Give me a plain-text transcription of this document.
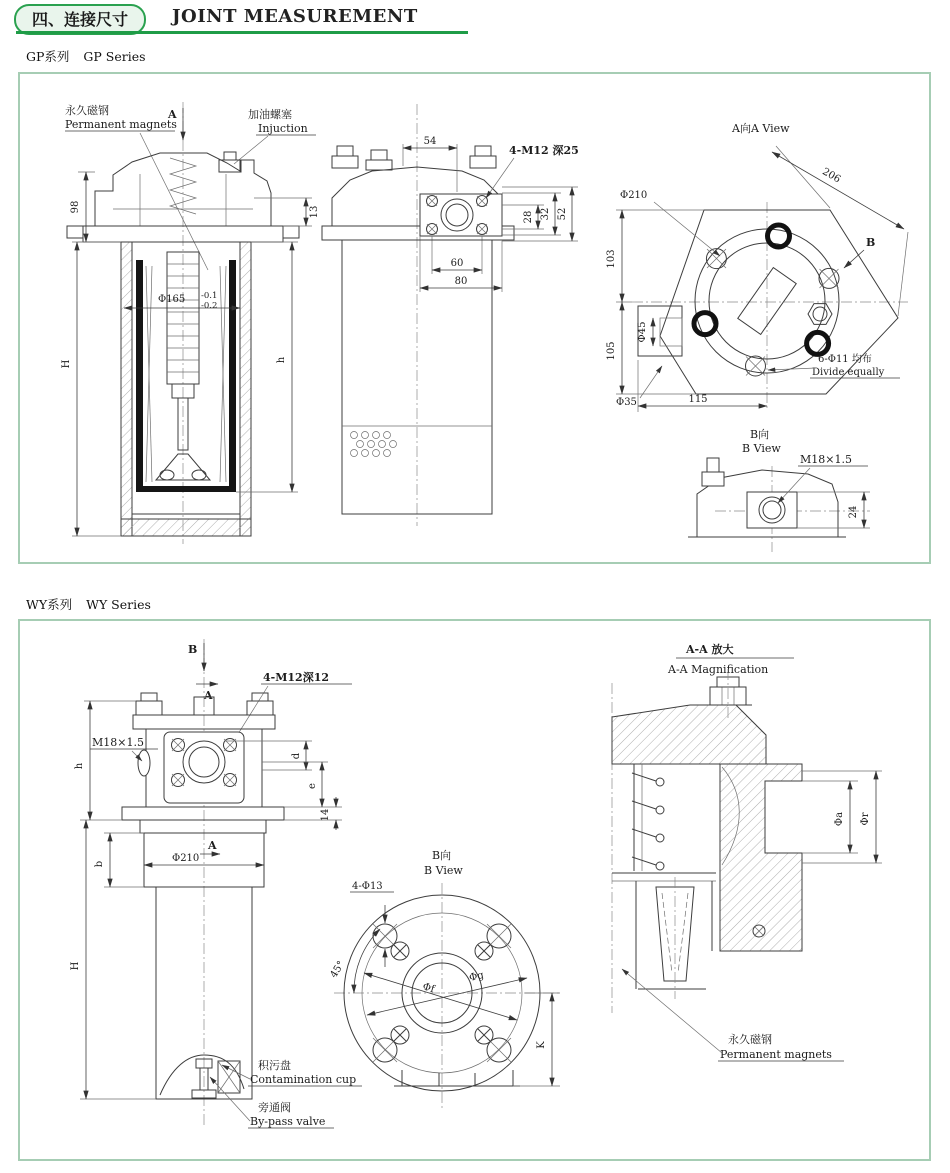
四、连接尺寸	JOINT MEASUREMENT
GP系列 GP Series
A
永久磁钢
Permanent magnets
加油螺塞
Injuction
98	13
Φ165 -0.1
-0.2
H	h
54
4-M12 深25
28 32 52
60
80
A向A View
Φ210
206
103
105
Φ45
Φ35	115
6-Φ11 均布
Divide equally
B
B向
B View
M18×1.5
24
WY系列 WY Series
B
A
4-M12深12
M18×1.5
Φ210
A
h
b
H
d
e
14
积污盘
Contamination cup
旁通阀
By-pass valve
B向
B View
4-Φ13
45°
Φf
Φg
K
A-A 放大
A-A Magnification
Φa Φr
永久磁钢
Permanent magnets
